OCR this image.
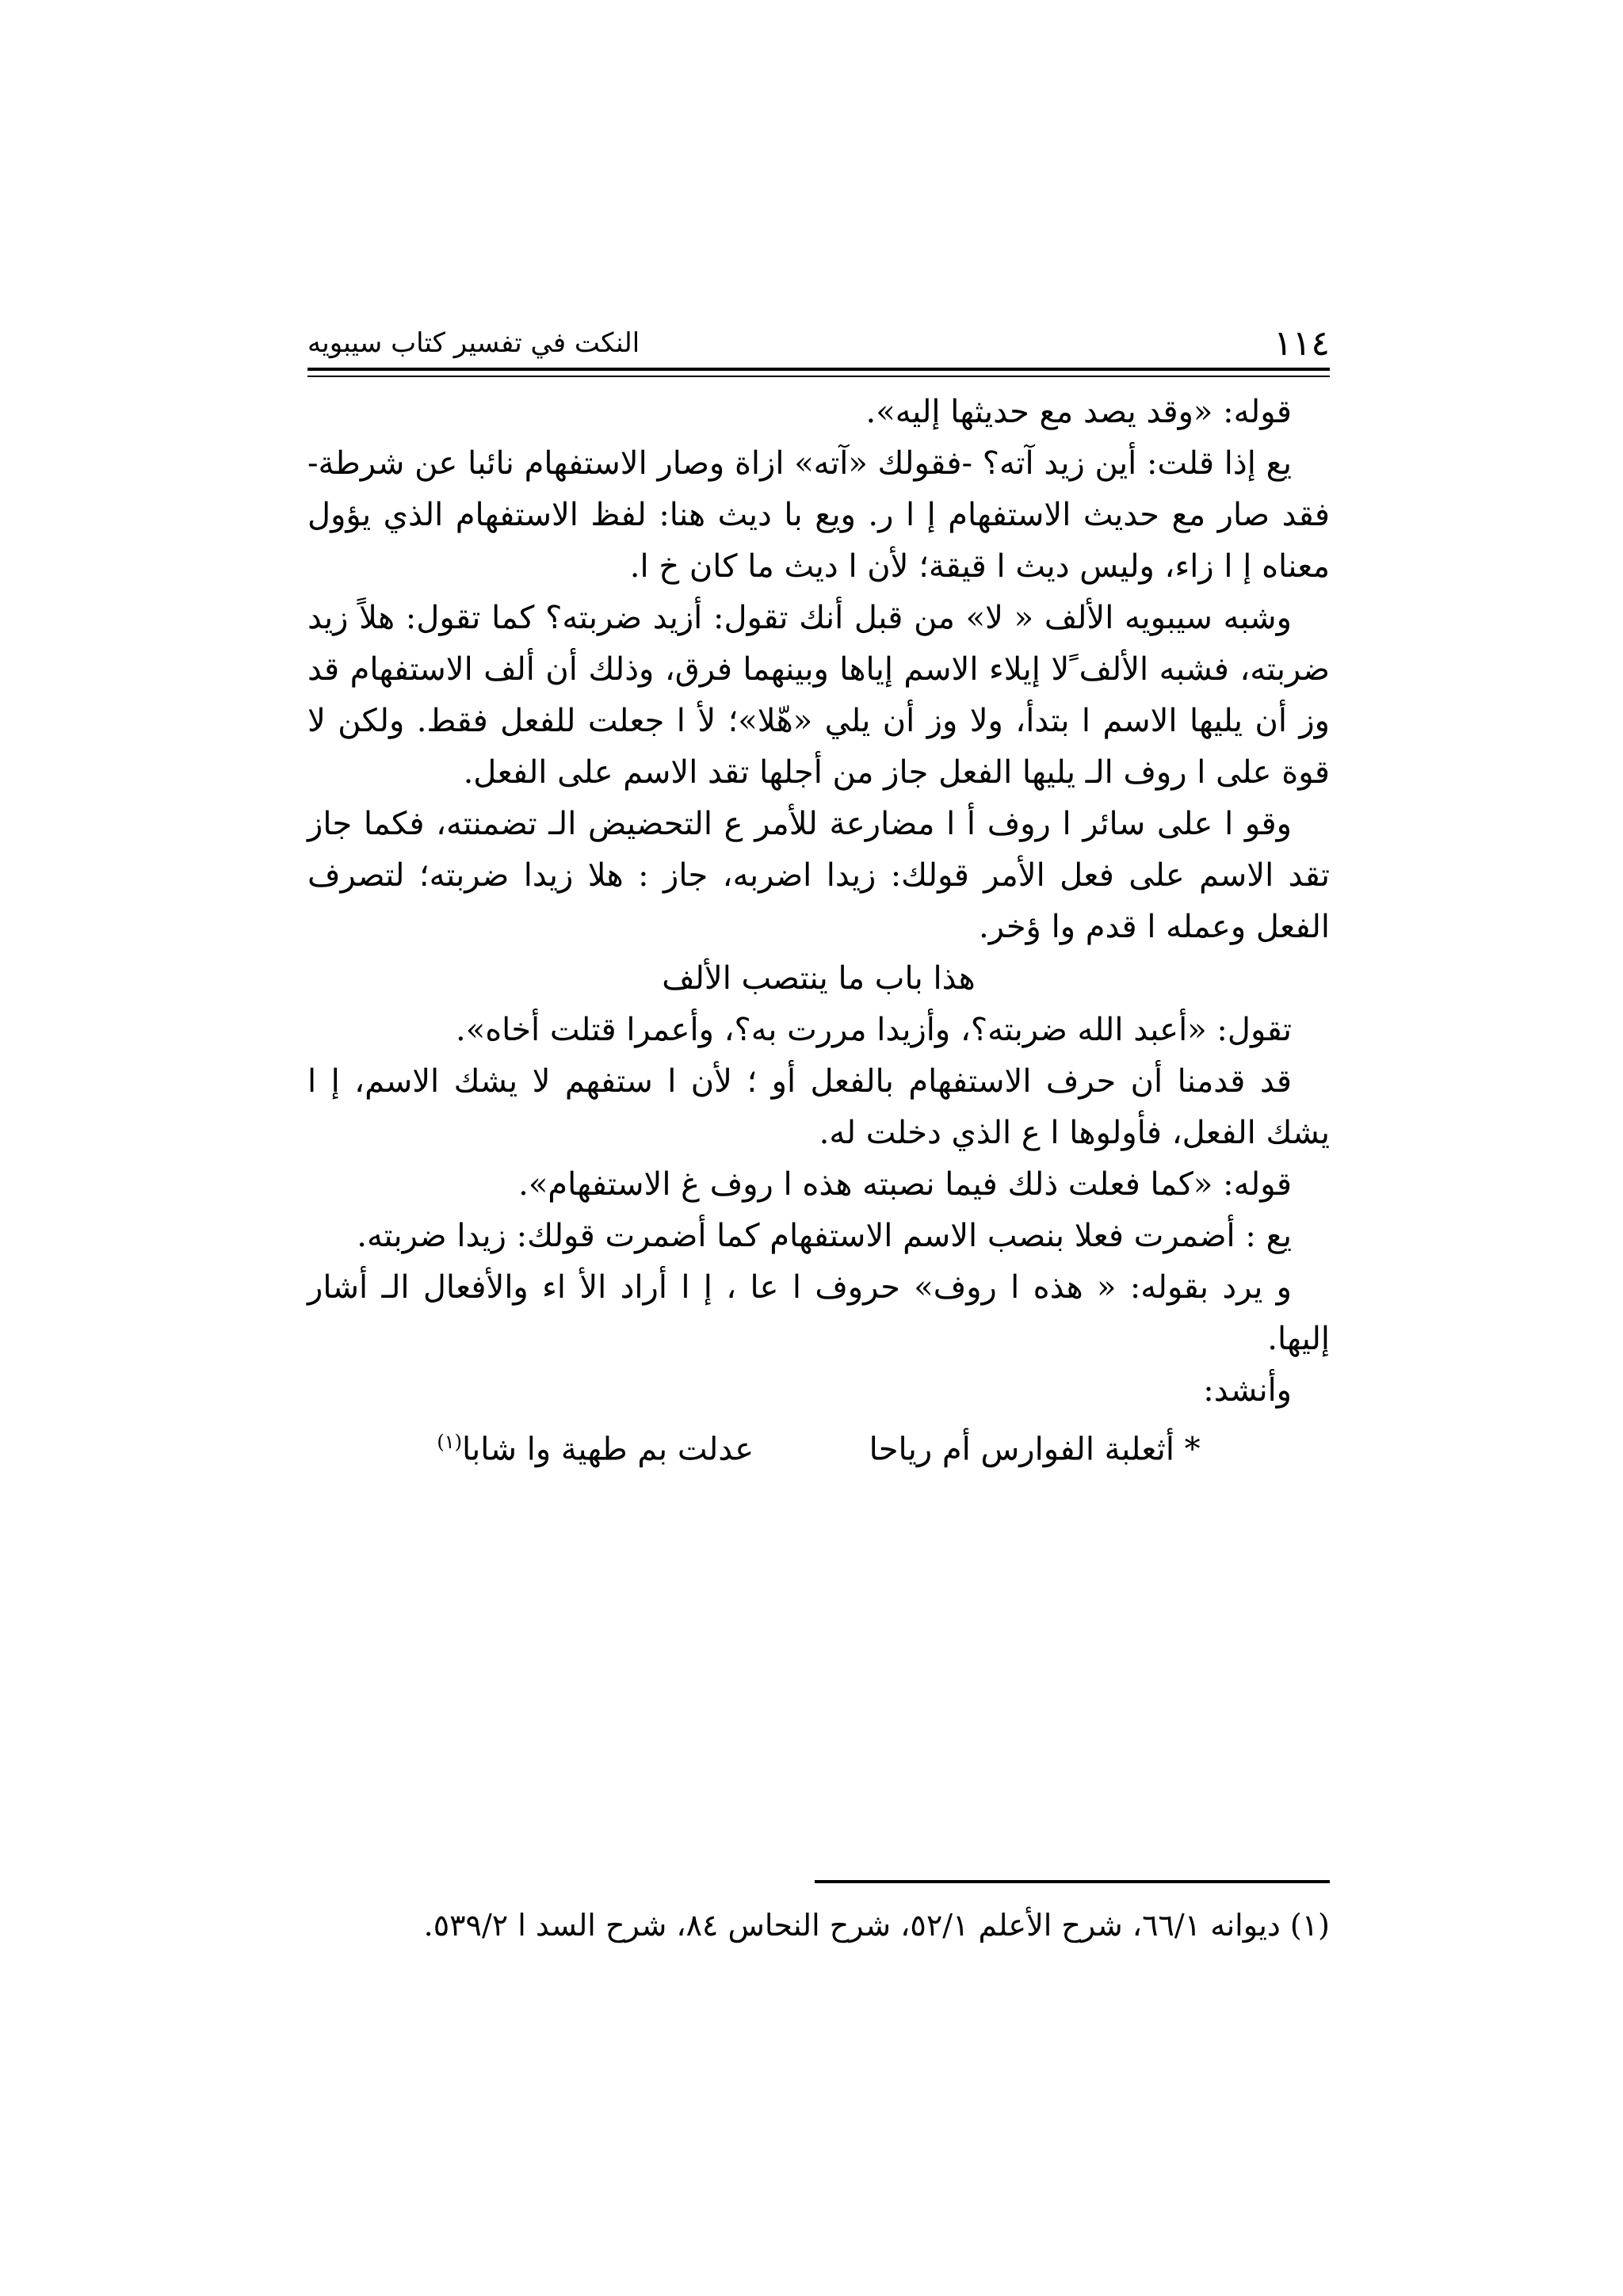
١١٤
النكت في تفسير كتاب سيبويه

قوله: «وقد يصد مع حديثها إليه».

يع إذا قلت: أين زيد آته؟ -فقولك «آته» ازاة وصار الاستفهام نائبا عن شرطة- فقد صار مع حديث الاستفهام إ ا ر. ويع با ديث هنا: لفظ الاستفهام الذي يؤول معناه إ ا زاء، وليس ديث ا قيقة؛ لأن ا ديث ما كان خ ا.

وشبه سيبويه الألف « ﻻ» من قبل أنك تقول: أزيد ضربته؟ كما تقول: هلاً زيد ضربته، فشبه الألف ًلا إيلاء الاسم إياها وبينهما فرق، وذلك أن ألف الاستفهام قد وز أن يليها الاسم ا بتدأ، ولا وز أن يلي «هّلا»؛ لأ ا جعلت للفعل فقط. ولكن لا قوة على ا روف الـ يليها الفعل جاز من أجلها تقد الاسم على الفعل.

وقو ا على سائر ا روف أ ا مضارعة للأمر ع التحضيض الـ تضمنته، فكما جاز تقد الاسم على فعل الأمر قولك: زيدا اضربه، جاز : هلا زيدا ضربته؛ لتصرف الفعل وعمله ا قدم وا ؤخر.

هذا باب ما ينتصب الألف

تقول: «أعبد الله ضربته؟، وأزيدا مررت به؟، وأعمرا قتلت أخاه».

قد قدمنا أن حرف الاستفهام بالفعل أو ؛ لأن ا ستفهم لا يشك الاسم، إ ا يشك الفعل، فأولوها ا ع الذي دخلت له.

قوله: «كما فعلت ذلك فيما نصبته هذه ا روف غ الاستفهام».

يع : أضمرت فعلا بنصب الاسم الاستفهام كما أضمرت قولك: زيدا ضربته.

و يرد بقوله: « هذه ا روف» حروف ا عا ، إ ا أراد الأ اء والأفعال الـ أشار إليها.

وأنشد:

* أثعلبة الفوارس أم رياحا  عدلت بم طهية وا شابا$^{(١)}$

(١) ديوانه ٦٦/١، شرح الأعلم ٥٢/١، شرح النحاس ٨٤، شرح السد ا ٥٣٩/٢.
